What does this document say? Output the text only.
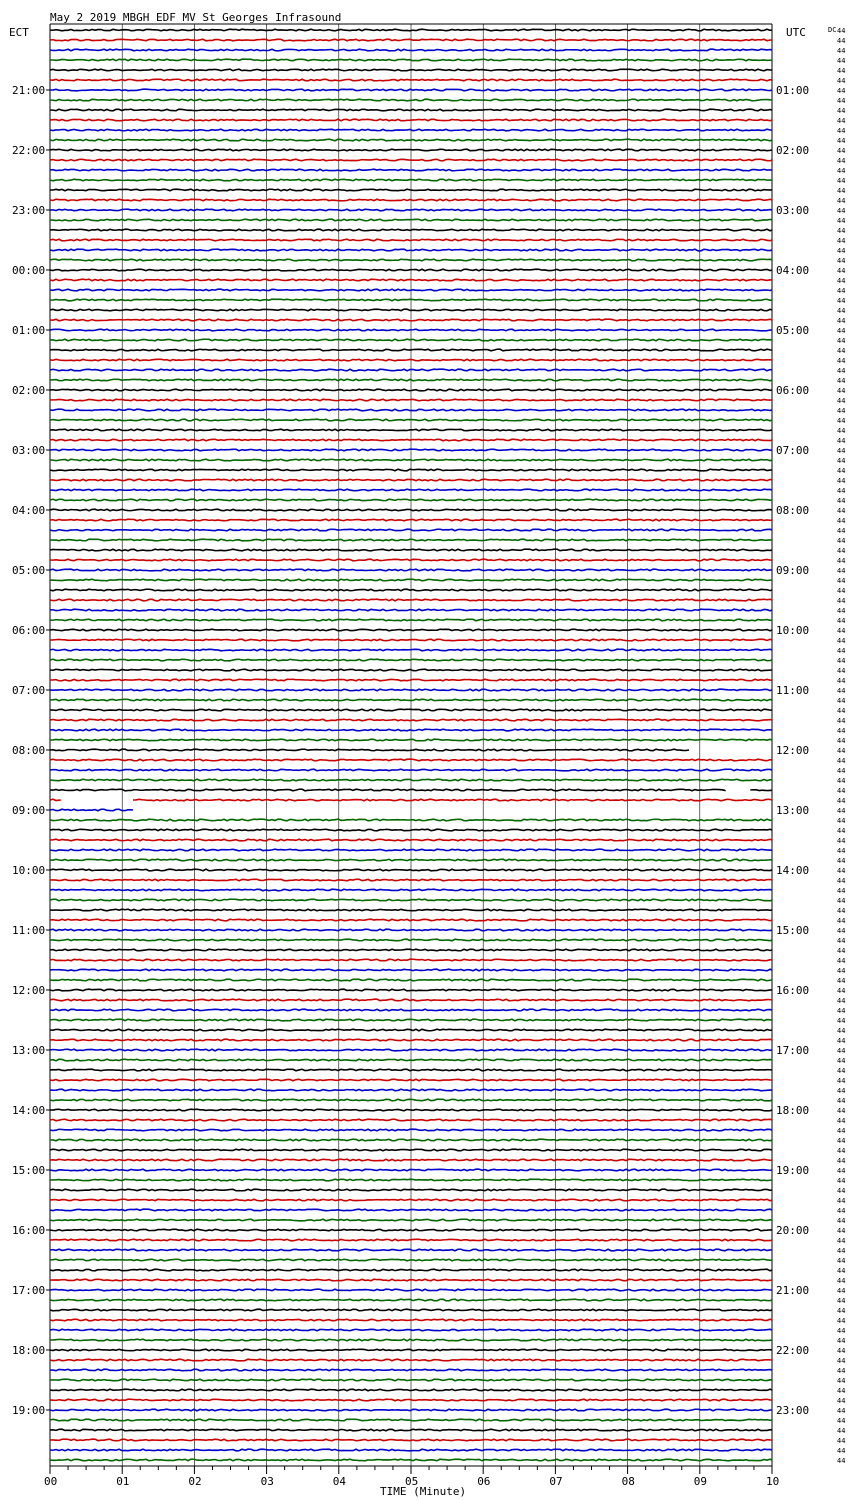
May 2 2019 MBGH EDF MV St Georges Infrasound
ECT	UTC	DC
TIME (Minute)
21:00
22:00
23:00
00:00
01:00
02:00
03:00
04:00
05:00
06:00
07:00
08:00
09:00
10:00
11:00
12:00
13:00
14:00
15:00
16:00
17:00
18:00
19:00
01:00
02:00
03:00
04:00
05:00
06:00
07:00
08:00
09:00
10:00
11:00
12:00
13:00
14:00
15:00
16:00
17:00
18:00
19:00
20:00
21:00
22:00
23:00
44
44
44
44
44
44
44
44
44
44
44
44
44
44
44
44
44
44
44
44
44
44
44
44
44
44
44
44
44
44
44
44
44
44
44
44
44
44
44
44
44
44
44
44
44
44
44
44
44
44
44
44
44
44
44
44
44
44
44
44
44
44
44
44
44
44
44
44
44
44
44
44
44
44
44
44
44
44
44
44
44
44
44
44
44
44
44
44
44
44
44
44
44
44
44
44
44
44
44
44
44
44
44
44
44
44
44
44
44
44
44
44
44
44
44
44
44
44
44
44
44
44
44
44
44
44
44
44
44
44
44
44
44
44
44
44
44
44
44
44
44
44
44
44
00	01	02	03	04	05	06	07	08	09	10
